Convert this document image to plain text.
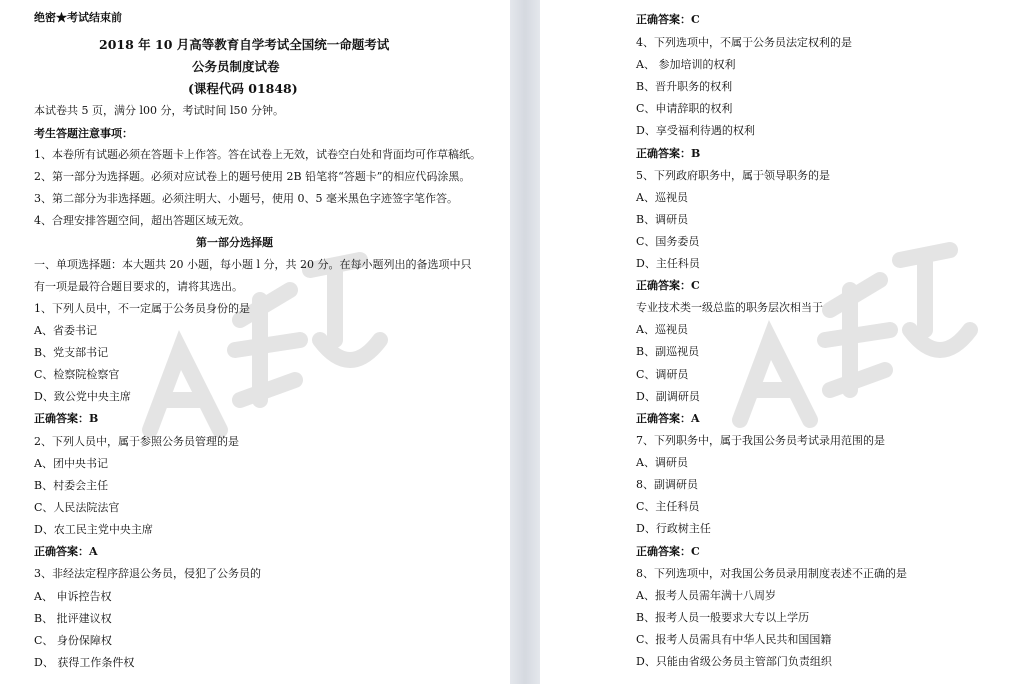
绝密★考试结束前
2018 年 10 月高等教育自学考试全国统一命题考试
公务员制度试卷
(课程代码 01848)
本试卷共 5 页，满分 l00 分，考试时间 l50 分钟。
考生答题注意事项：
1、本卷所有试题必须在答题卡上作答。答在试卷上无效，试卷空白处和背面均可作草稿纸。
2、第一部分为选择题。必须对应试卷上的题号使用 2B 铅笔将“答题卡”的相应代码涂黑。
3、第二部分为非选择题。必须注明大、小题号，使用 0、5 毫米黑色字迹签字笔作答。
4、合理安排答题空间，超出答题区域无效。
第一部分选择题
一、单项选择题：本大题共 20 小题，每小题 l 分，共 20 分。在每小题列出的备选项中只
有一项是最符合题目要求的，请将其选出。
1、下列人员中，不一定属于公务员身份的是
A、省委书记
B、党支部书记
C、检察院检察官
D、致公党中央主席
正确答案：B
2、下列人员中，属于参照公务员管理的是
A、团中央书记
B、村委会主任
C、人民法院法官
D、农工民主党中央主席
正确答案：A
3、非经法定程序辞退公务员，侵犯了公务员的
A、 申诉控告权
B、 批评建议权
C、 身份保障权
D、 获得工作条件权
正确答案：C
4、下列选项中，不属于公务员法定权利的是
A、 参加培训的权利
B、晋升职务的权利
C、申请辞职的权利
D、享受福利待遇的权利
正确答案：B
5、下列政府职务中，属于领导职务的是
A、巡视员
B、调研员
C、国务委员
D、主任科员
正确答案：C
专业技术类一级总监的职务层次相当于
A、巡视员
B、副巡视员
C、调研员
D、副调研员
正确答案：A
7、下列职务中，属于我国公务员考试录用范围的是
A、调研员
8、副调研员
C、主任科员
D、行政树主任
正确答案：C
8、下列选项中，对我国公务员录用制度表述不正确的是
A、报考人员需年满十八周岁
B、报考人员一般要求大专以上学历
C、报考人员需具有中华人民共和国国籍
D、只能由省级公务员主管部门负责组织
